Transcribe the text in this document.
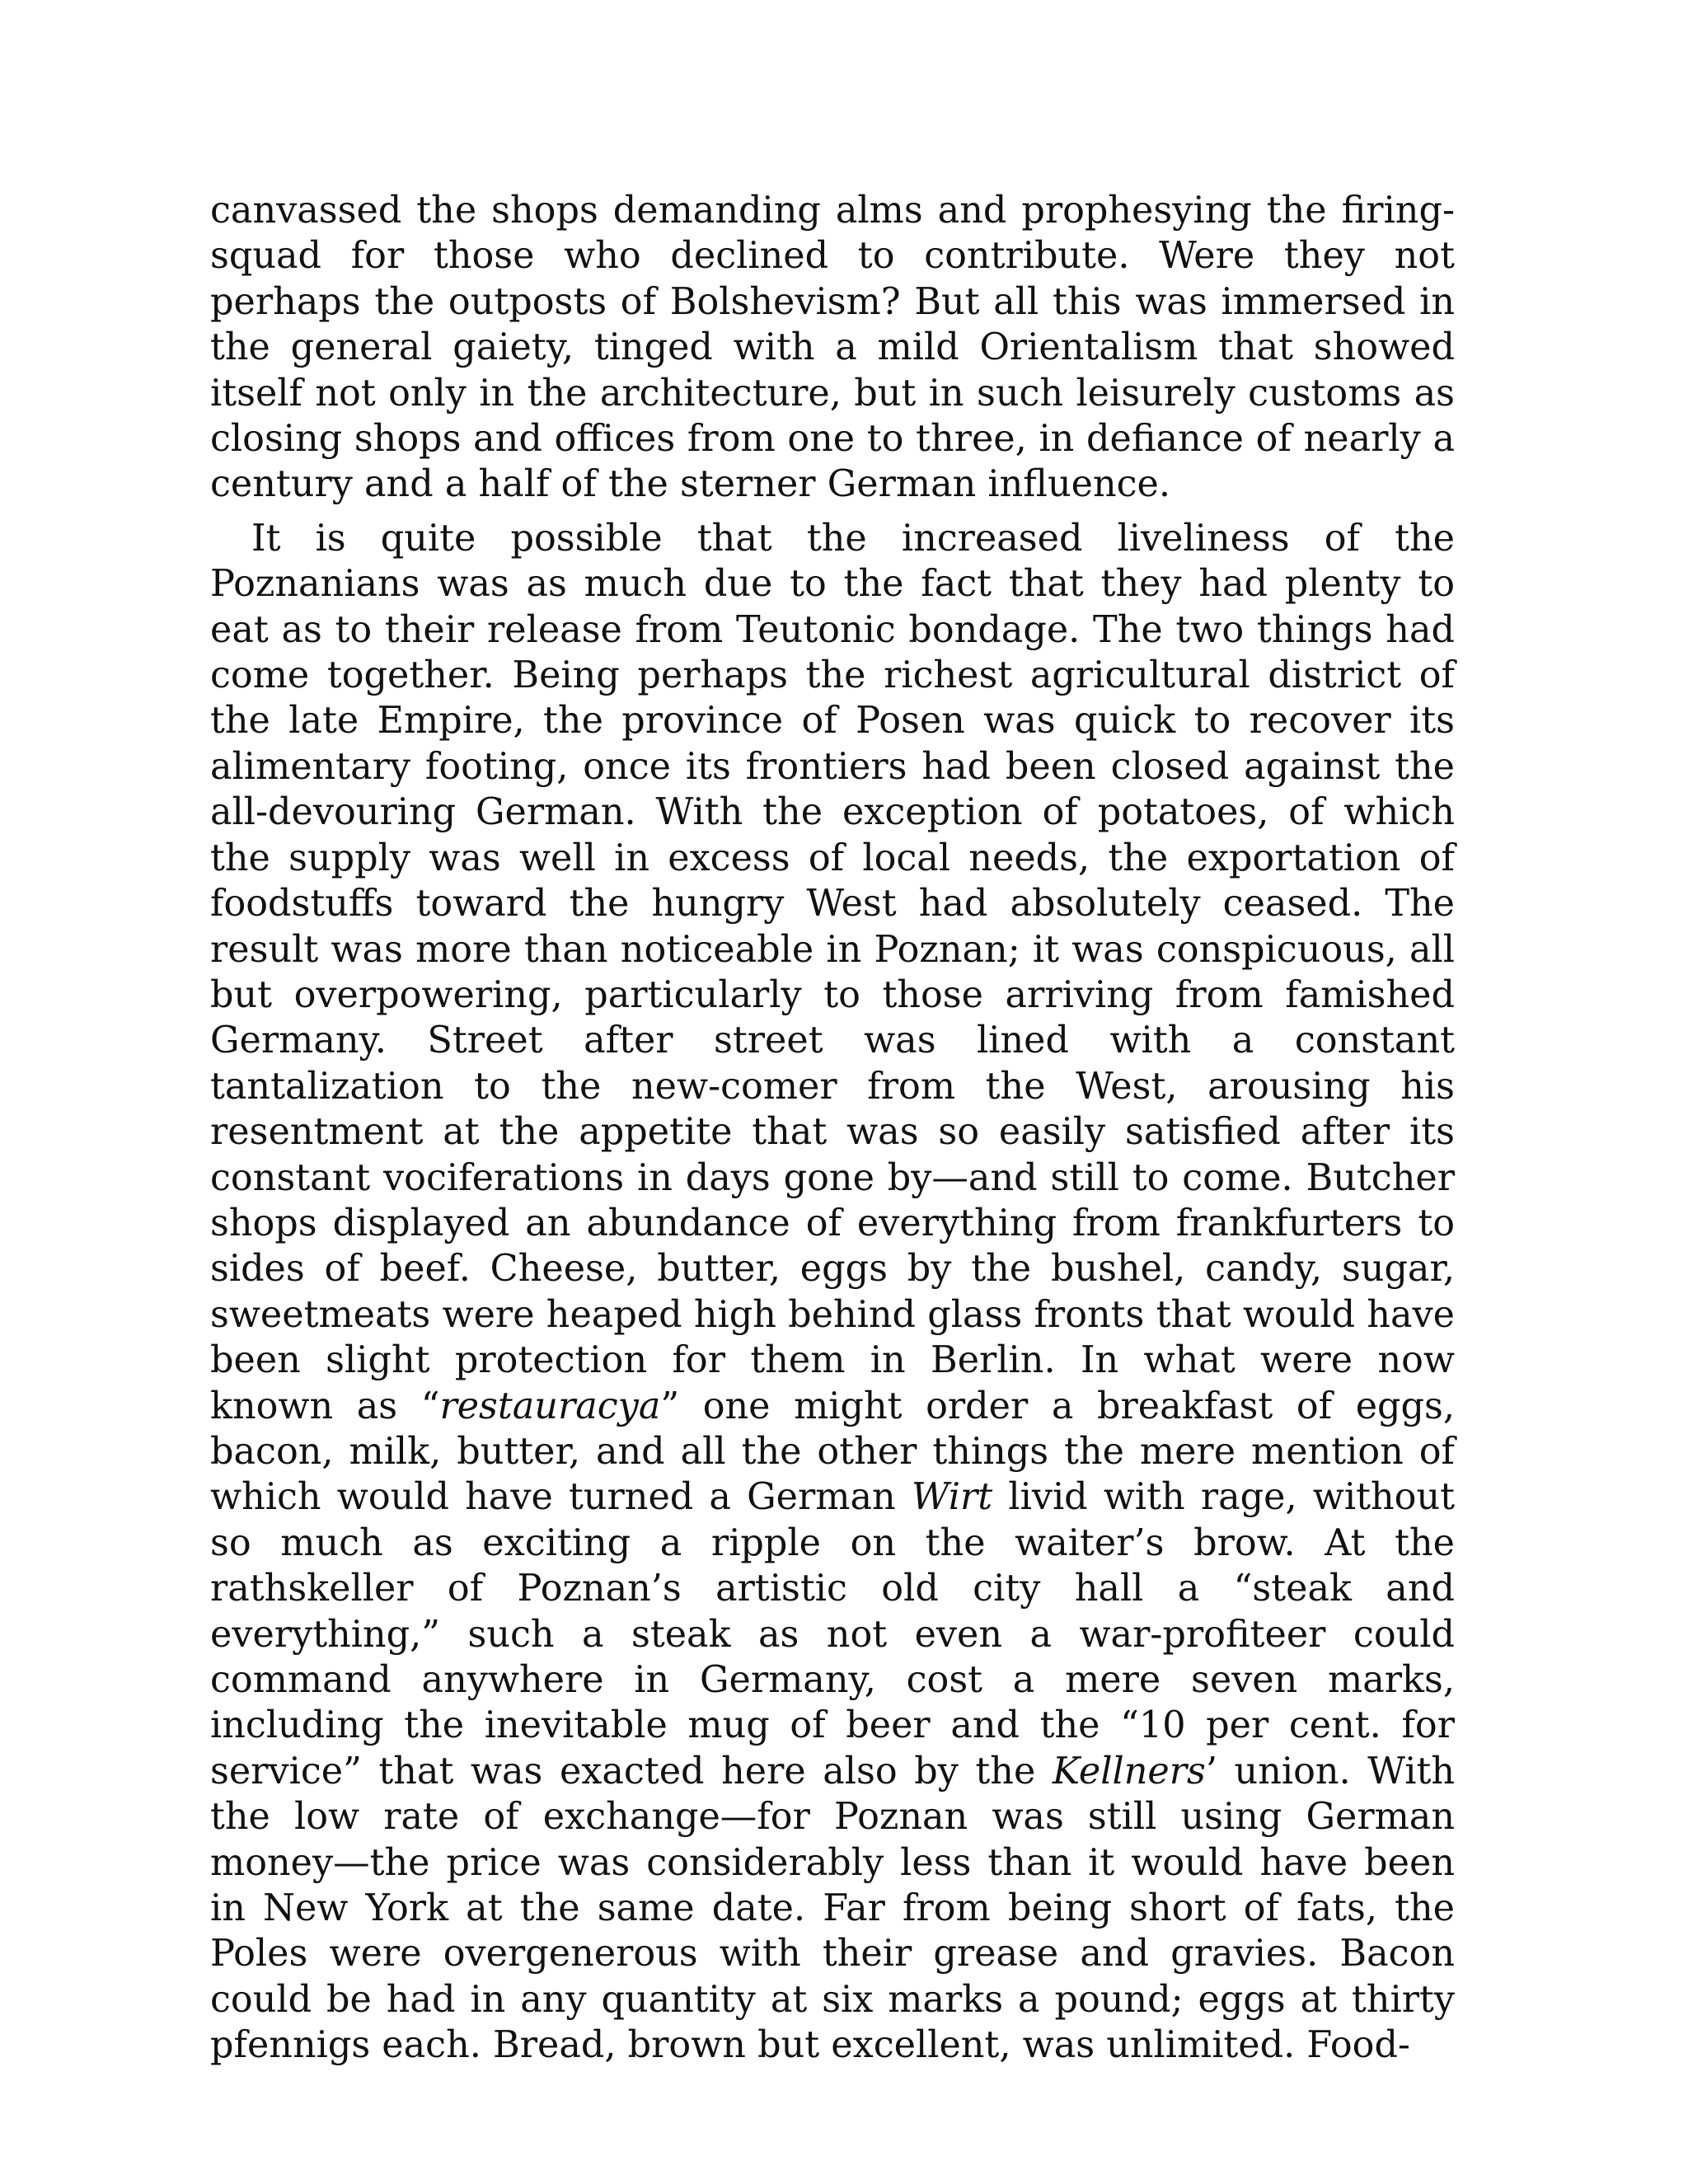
canvassed the shops demanding alms and prophesying the firing-squad for those who declined to contribute. Were they not perhaps the outposts of Bolshevism? But all this was immersed in the general gaiety, tinged with a mild Orientalism that showed itself not only in the architecture, but in such leisurely customs as closing shops and offices from one to three, in defiance of nearly a century and a half of the sterner German influence.

It is quite possible that the increased liveliness of the Poznanians was as much due to the fact that they had plenty to eat as to their release from Teutonic bondage. The two things had come together. Being perhaps the richest agricultural district of the late Empire, the province of Posen was quick to recover its alimentary footing, once its frontiers had been closed against the all-devouring German. With the exception of potatoes, of which the supply was well in excess of local needs, the exportation of foodstuffs toward the hungry West had absolutely ceased. The result was more than noticeable in Poznan; it was conspicuous, all but overpowering, particularly to those arriving from famished Germany. Street after street was lined with a constant tantalization to the new-comer from the West, arousing his resentment at the appetite that was so easily satisfied after its constant vociferations in days gone by—and still to come. Butcher shops displayed an abundance of everything from frankfurters to sides of beef. Cheese, butter, eggs by the bushel, candy, sugar, sweetmeats were heaped high behind glass fronts that would have been slight protection for them in Berlin. In what were now known as “restauracya” one might order a breakfast of eggs, bacon, milk, butter, and all the other things the mere mention of which would have turned a German Wirt livid with rage, without so much as exciting a ripple on the waiter’s brow. At the rathskeller of Poznan’s artistic old city hall a “steak and everything,” such a steak as not even a war-profiteer could command anywhere in Germany, cost a mere seven marks, including the inevitable mug of beer and the “10 per cent. for service” that was exacted here also by the Kellners’ union. With the low rate of exchange—for Poznan was still using German money—the price was considerably less than it would have been in New York at the same date. Far from being short of fats, the Poles were overgenerous with their grease and gravies. Bacon could be had in any quantity at six marks a pound; eggs at thirty pfennigs each. Bread, brown but excellent, was unlimited. Food-
